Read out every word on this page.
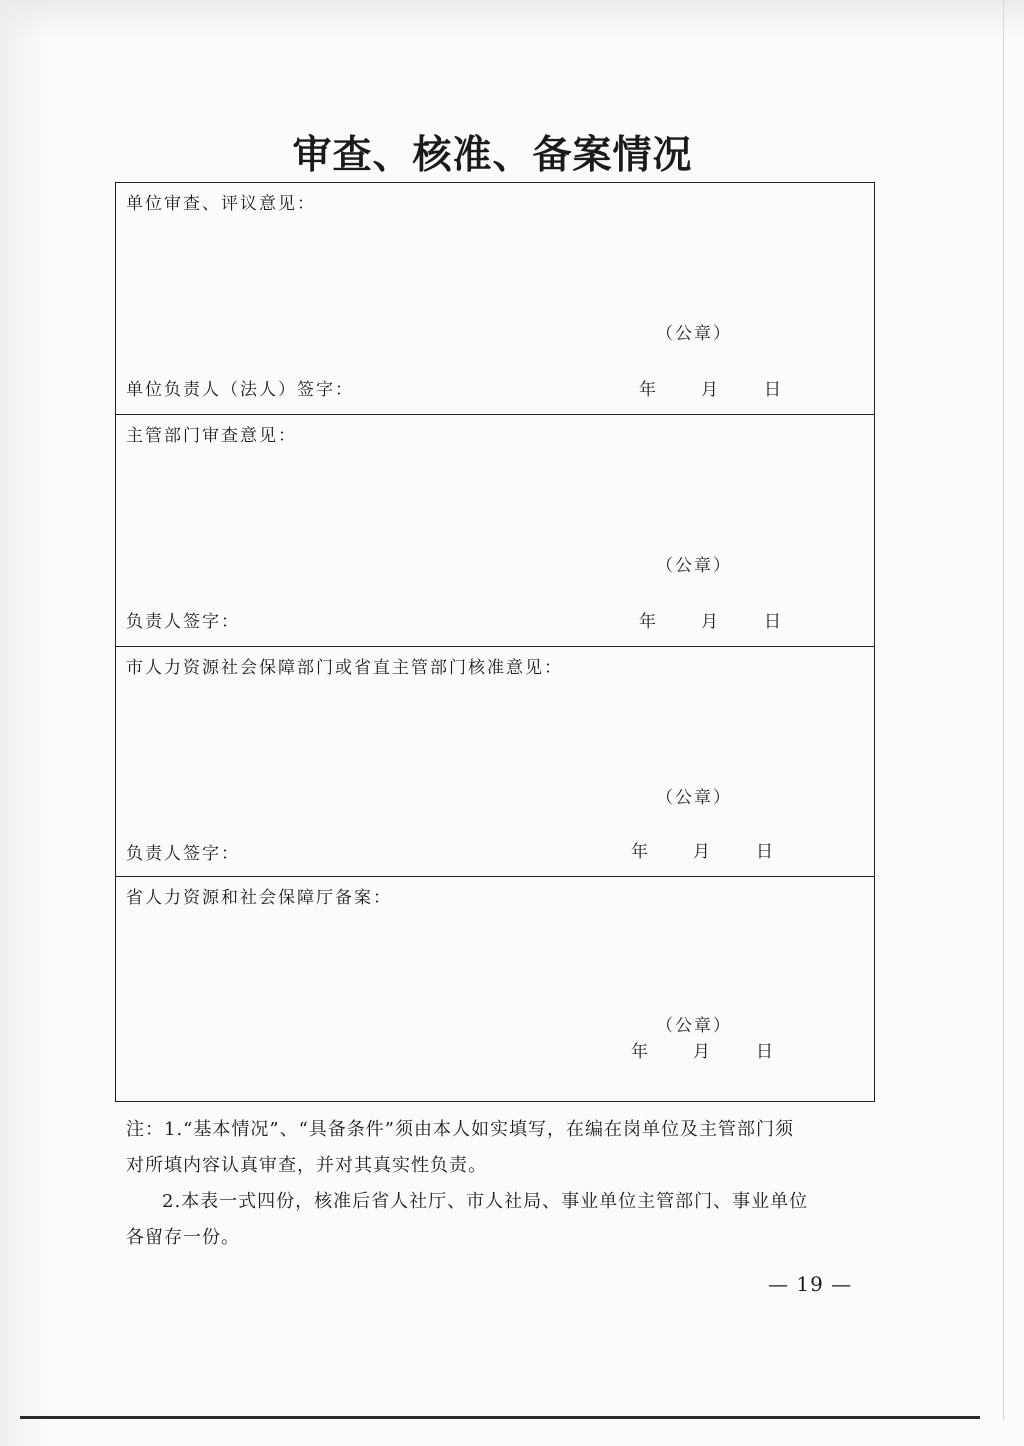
审查、核准、备案情况
单位审查、评议意见：
（公章）
单位负责人（法人）签字：	年	月	日
主管部门审查意见：
（公章）
负责人签字：	年	月	日
市人力资源社会保障部门或省直主管部门核准意见：
（公章）
负责人签字：	年	月	日
省人力资源和社会保障厅备案：
（公章）
年	月	日

注：1.“基本情况”、“具备条件”须由本人如实填写，在编在岗单位及主管部门须

对所填内容认真审查，并对其真实性负责。

2.本表一式四份，核准后省人社厅、市人社局、事业单位主管部门、事业单位

各留存一份。

— 19 —
